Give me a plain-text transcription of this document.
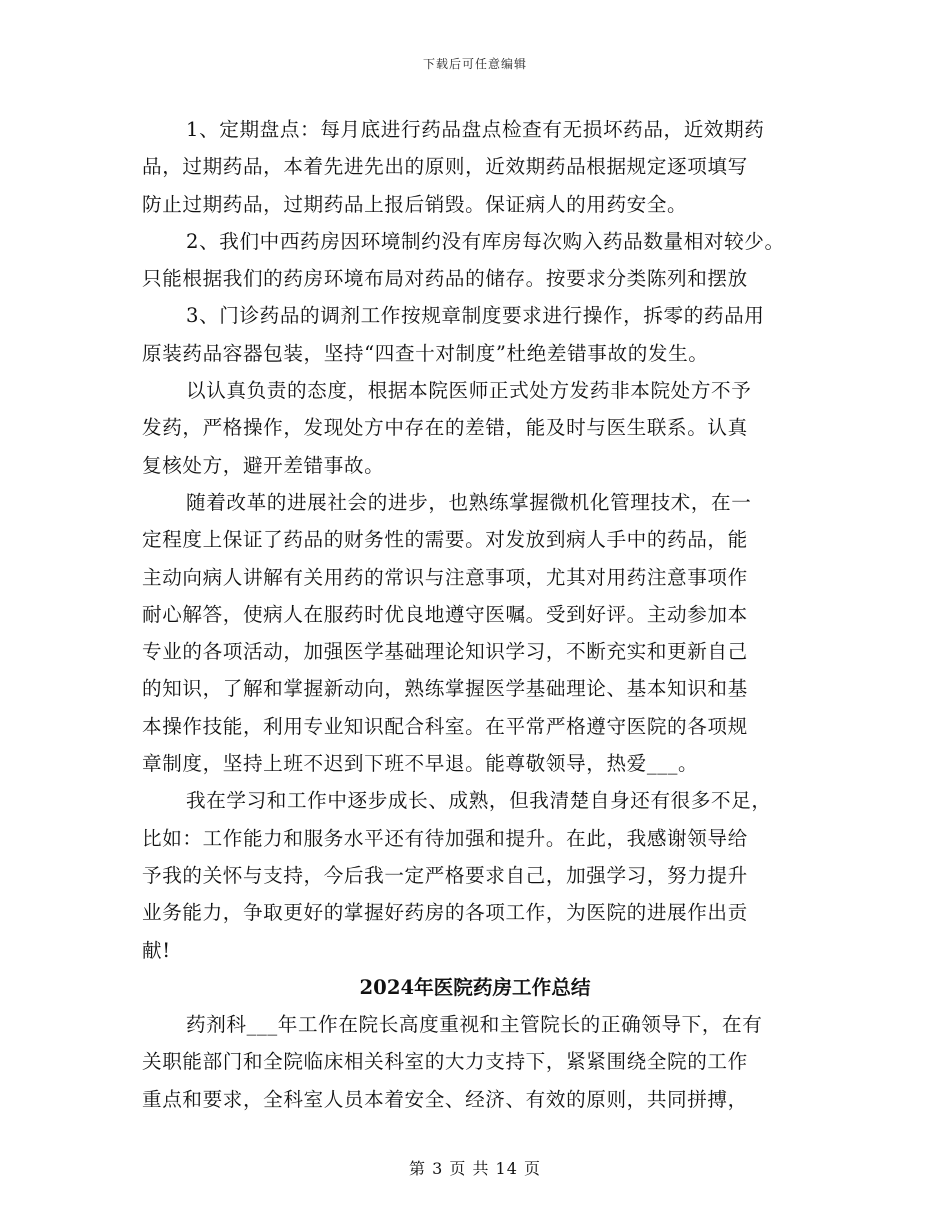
下载后可任意编辑
1、定期盘点：每月底进行药品盘点检查有无损坏药品，近效期药
品，过期药品，本着先进先出的原则，近效期药品根据规定逐项填写
防止过期药品，过期药品上报后销毁。保证病人的用药安全。
2、我们中西药房因环境制约没有库房每次购入药品数量相对较少。
只能根据我们的药房环境布局对药品的储存。按要求分类陈列和摆放
3、门诊药品的调剂工作按规章制度要求进行操作，拆零的药品用
原装药品容器包装，坚持“四查十对制度”杜绝差错事故的发生。
以认真负责的态度，根据本院医师正式处方发药非本院处方不予
发药，严格操作，发现处方中存在的差错，能及时与医生联系。认真
复核处方，避开差错事故。
随着改革的进展社会的进步，也熟练掌握微机化管理技术，在一
定程度上保证了药品的财务性的需要。对发放到病人手中的药品，能
主动向病人讲解有关用药的常识与注意事项，尤其对用药注意事项作
耐心解答，使病人在服药时优良地遵守医嘱。受到好评。主动参加本
专业的各项活动，加强医学基础理论知识学习，不断充实和更新自己
的知识，了解和掌握新动向，熟练掌握医学基础理论、基本知识和基
本操作技能，利用专业知识配合科室。在平常严格遵守医院的各项规
章制度，坚持上班不迟到下班不早退。能尊敬领导，热爱___。
我在学习和工作中逐步成长、成熟，但我清楚自身还有很多不足，
比如：工作能力和服务水平还有待加强和提升。在此，我感谢领导给
予我的关怀与支持，今后我一定严格要求自己，加强学习，努力提升
业务能力，争取更好的掌握好药房的各项工作，为医院的进展作出贡
献!
2024年医院药房工作总结
药剂科___年工作在院长高度重视和主管院长的正确领导下，在有
关职能部门和全院临床相关科室的大力支持下，紧紧围绕全院的工作
重点和要求，全科室人员本着安全、经济、有效的原则，共同拼搏，
第 3 页 共 14 页
